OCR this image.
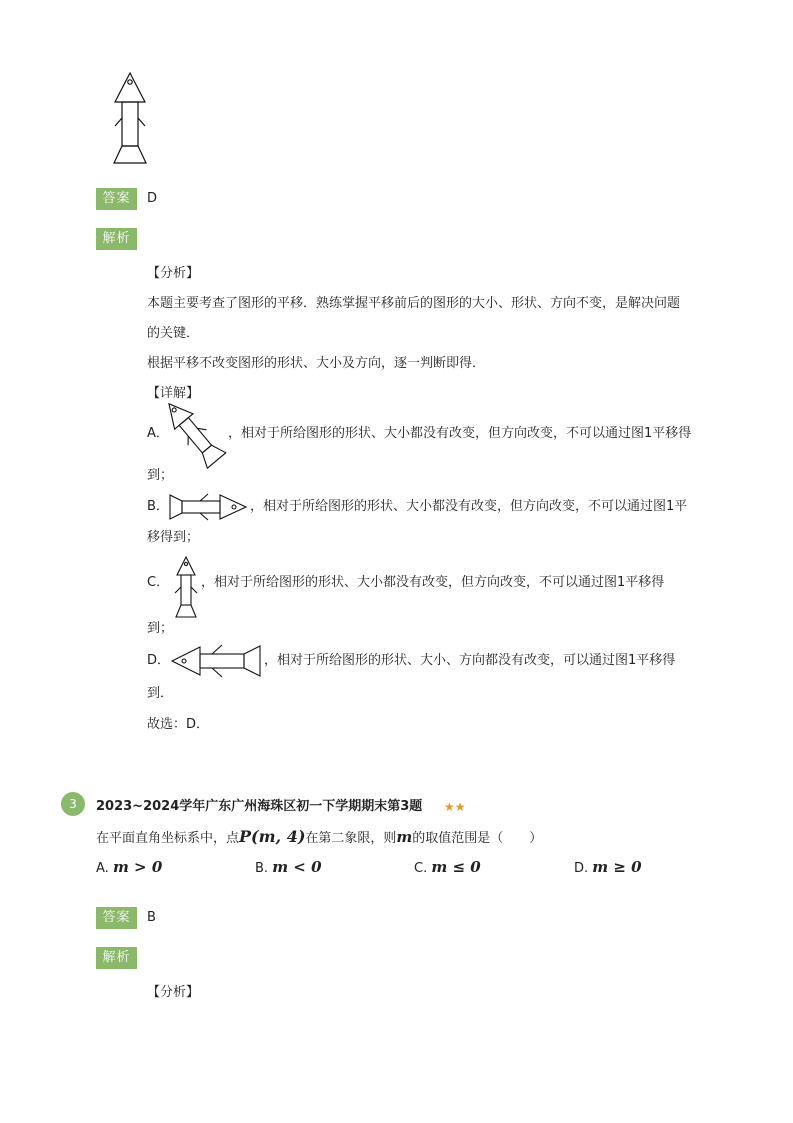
答案	D
解析
【分析】
本题主要考查了图形的平移．熟练掌握平移前后的图形的大小、形状、方向不变，是解决问题
的关键．
根据平移不改变图形的形状、大小及方向，逐一判断即得．
【详解】
A．	，相对于所给图形的形状、大小都没有改变，但方向改变，不可以通过图1平移得
到；
B．	，相对于所给图形的形状、大小都没有改变，但方向改变，不可以通过图1平
移得到；
C． ，相对于所给图形的形状、大小都没有改变，但方向改变，不可以通过图1平移得
到；
D．	，相对于所给图形的形状、大小、方向都没有改变，可以通过图1平移得
到．
故选：D．
3	2023~2024学年广东广州海珠区初一下学期期末第3题 ★★
在平面直角坐标系中，点P(m, 4)在第二象限，则m的取值范围是（　　）
A. m > 0	B. m < 0	C. m ≤ 0	D. m ≥ 0
答案	B
解析
【分析】
